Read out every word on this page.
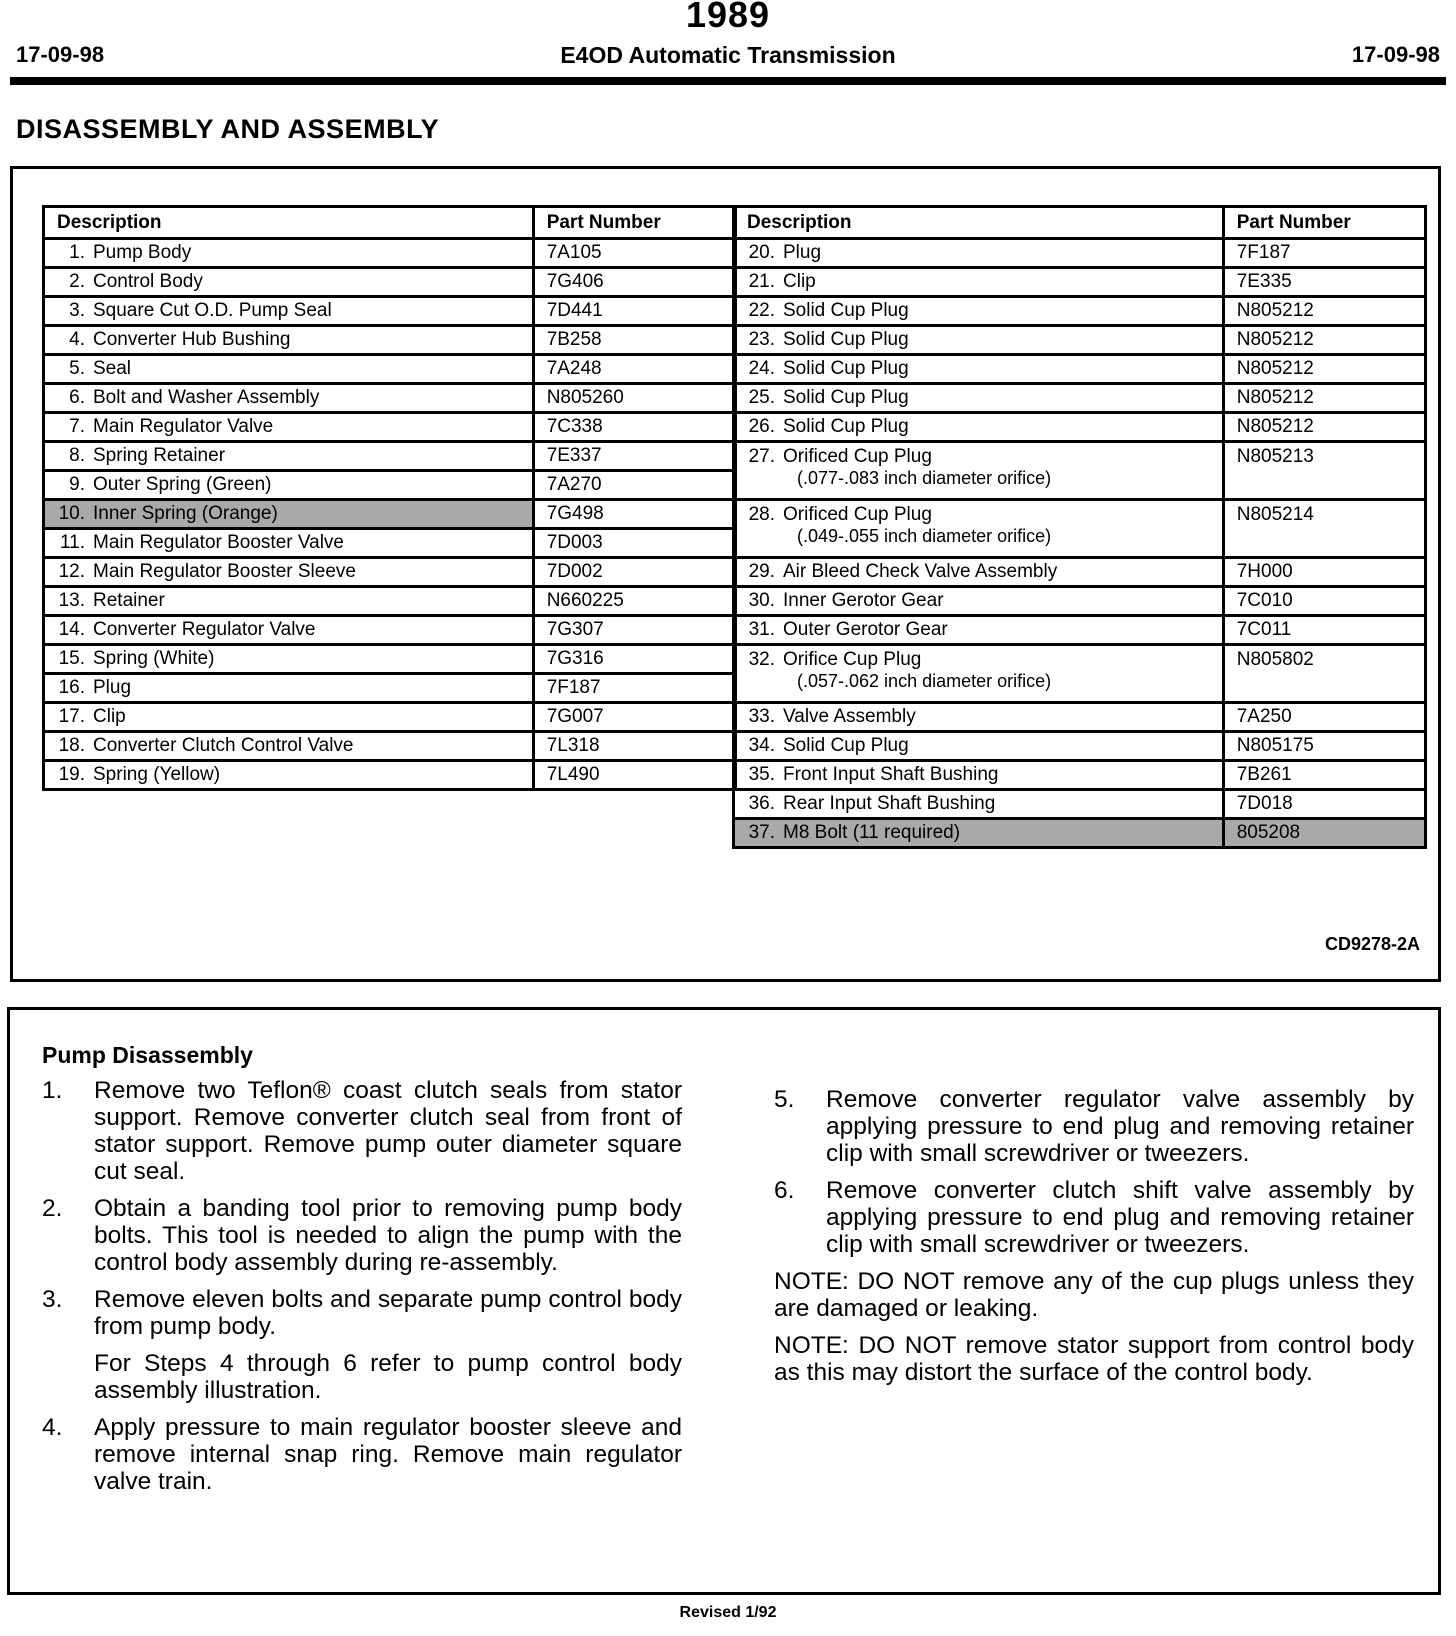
1989
17-09-98	E4OD Automatic Transmission	17-09-98
DISASSEMBLY AND ASSEMBLY
Description	Part Number
1. Pump Body	7A105
2. Control Body	7G406
3. Square Cut O.D. Pump Seal	7D441
4. Converter Hub Bushing	7B258
5. Seal	7A248
6. Bolt and Washer Assembly	N805260
7. Main Regulator Valve	7C338
8. Spring Retainer	7E337
9. Outer Spring (Green)	7A270
10. Inner Spring (Orange)	7G498
11. Main Regulator Booster Valve	7D003
12. Main Regulator Booster Sleeve	7D002
13. Retainer	N660225
14. Converter Regulator Valve	7G307
15. Spring (White)	7G316
16. Plug	7F187
17. Clip	7G007
18. Converter Clutch Control Valve	7L318
19. Spring (Yellow)	7L490
Description	Part Number
20. Plug	7F187
21. Clip	7E335
22. Solid Cup Plug	N805212
23. Solid Cup Plug	N805212
24. Solid Cup Plug	N805212
25. Solid Cup Plug	N805212
26. Solid Cup Plug	N805212
27. Orificed Cup Plug
(.077-.083 inch diameter orifice)	N805213
28. Orificed Cup Plug
(.049-.055 inch diameter orifice)	N805214
29. Air Bleed Check Valve Assembly	7H000
30. Inner Gerotor Gear	7C010
31. Outer Gerotor Gear	7C011
32. Orifice Cup Plug
(.057-.062 inch diameter orifice)	N805802
33. Valve Assembly	7A250
34. Solid Cup Plug	N805175
35. Front Input Shaft Bushing	7B261
36. Rear Input Shaft Bushing	7D018
37. M8 Bolt (11 required)	805208
CD9278-2A
Pump Disassembly
1. Remove two Teflon® coast clutch seals from stator support. Remove converter clutch seal from front of stator support. Remove pump outer diameter square cut seal.
2. Obtain a banding tool prior to removing pump body bolts. This tool is needed to align the pump with the control body assembly during re-assembly.
3. Remove eleven bolts and separate pump control body from pump body.
For Steps 4 through 6 refer to pump control body assembly illustration.
4. Apply pressure to main regulator booster sleeve and remove internal snap ring. Remove main regulator valve train.
5. Remove converter regulator valve assembly by applying pressure to end plug and removing retainer clip with small screwdriver or tweezers.
6. Remove converter clutch shift valve assembly by applying pressure to end plug and removing retainer clip with small screwdriver or tweezers.
NOTE: DO NOT remove any of the cup plugs unless they are damaged or leaking.
NOTE: DO NOT remove stator support from control body as this may distort the surface of the control body.
Revised 1/92
